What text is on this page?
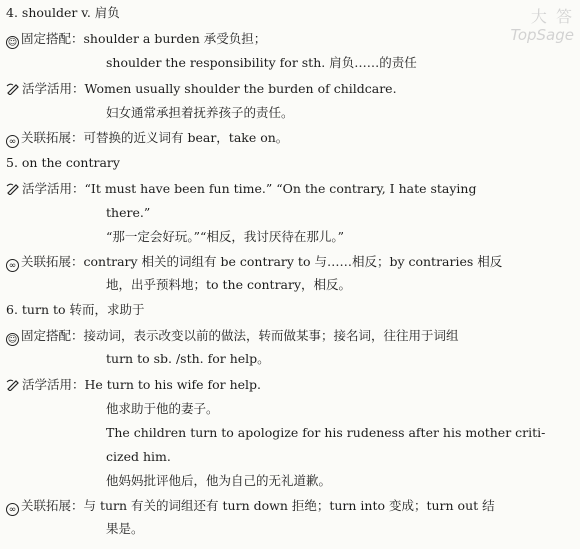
大 答
TopSage
4. shoulder v. 肩负
☺ 固定搭配：shoulder a burden 承受负担；
shoulder the responsibility for sth. 肩负……的责任
活学活用：Women usually shoulder the burden of childcare.
妇女通常承担着抚养孩子的责任。
∞ 关联拓展：可替换的近义词有 bear，take on。
5. on the contrary
活学活用：“It must have been fun time.” “On the contrary, I hate staying
there.”
“那一定会好玩。”“相反，我讨厌待在那儿。”
∞ 关联拓展：contrary 相关的词组有 be contrary to 与……相反；by contraries 相反
地，出乎预料地；to the contrary，相反。
6. turn to 转而，求助于
☺ 固定搭配：接动词，表示改变以前的做法，转而做某事；接名词，往往用于词组
turn to sb. /sth. for help。
活学活用：He turn to his wife for help.
他求助于他的妻子。
The children turn to apologize for his rudeness after his mother criti-
cized him.
他妈妈批评他后，他为自己的无礼道歉。
∞ 关联拓展：与 turn 有关的词组还有 turn down 拒绝；turn into 变成；turn out 结
果是。
